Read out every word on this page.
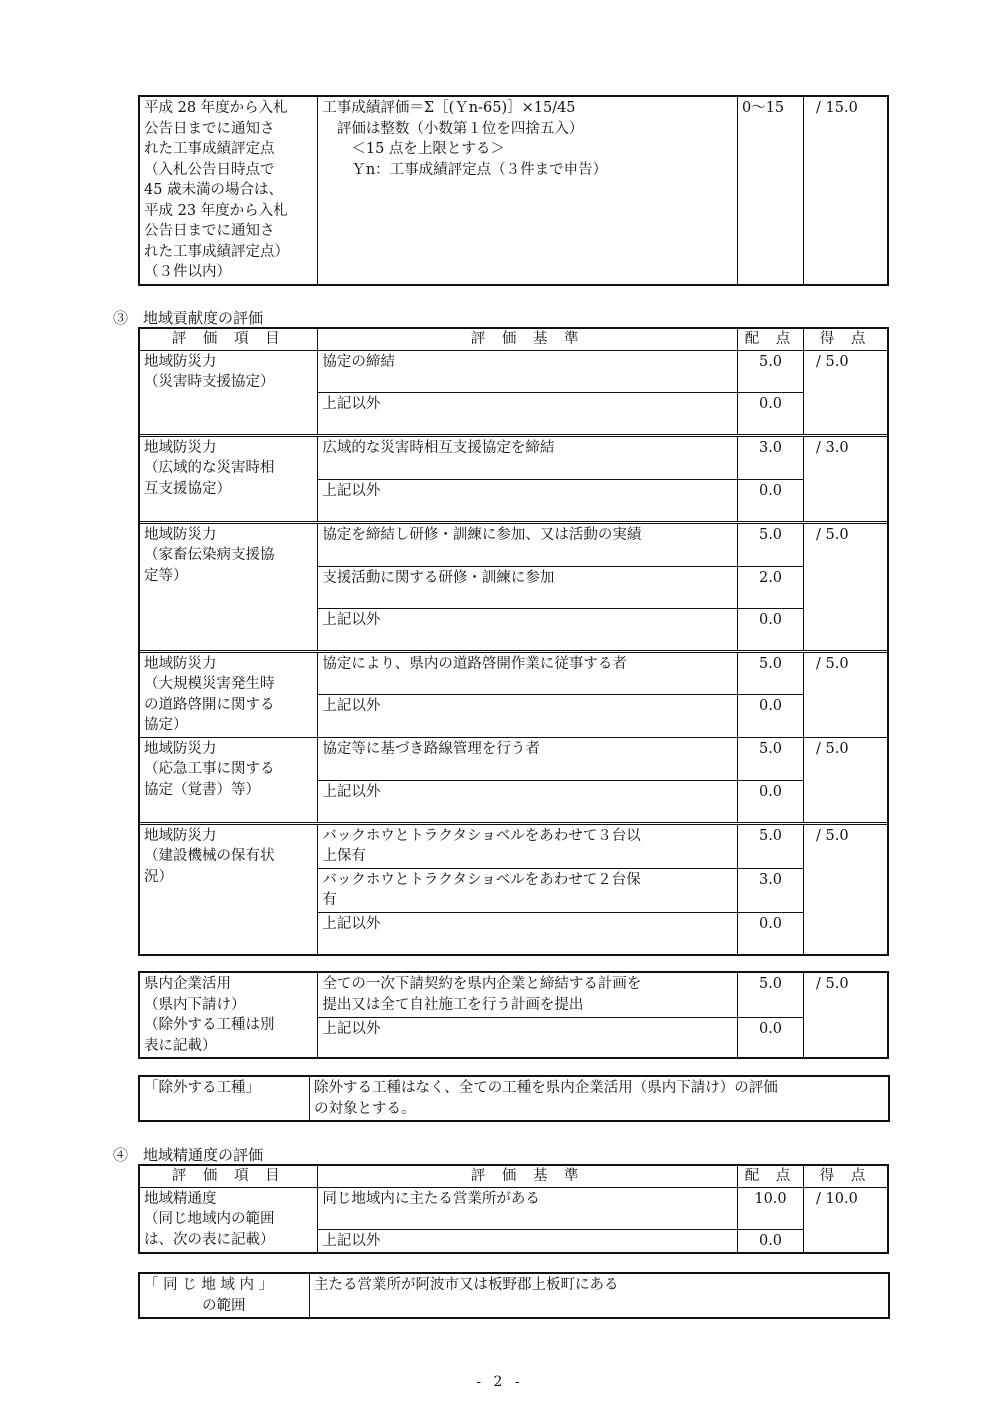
平成 28 年度から入札
公告日までに通知さ
れた工事成績評定点
（入札公告日時点で
45 歳未満の場合は、
平成 23 年度から入札
公告日までに通知さ
れた工事成績評定点）
（３件以内）	工事成績評価＝Σ［(Ｙn-65)］×15/45
　評価は整数（小数第１位を四捨五入）
　　＜15 点を上限とする＞
　　Ｙn：工事成績評定点（３件まで申告）	0～15	/ 15.0
③　地域貢献度の評価
評 価 項 目	評 価 基 準	配 点	得 点
地域防災力
（災害時支援協定）	協定の締結	5.0	/ 5.0
	上記以外	0.0	

地域防災力
（広域的な災害時相
互支援協定）	広域的な災害時相互支援協定を締結	3.0	/ 3.0
	上記以外	0.0	

地域防災力
（家畜伝染病支援協
定等）	協定を締結し研修・訓練に参加、又は活動の実績	5.0	/ 5.0
	支援活動に関する研修・訓練に参加	2.0	
	上記以外	0.0	

地域防災力
（大規模災害発生時
の道路啓開に関する
協定）	協定により、県内の道路啓開作業に従事する者	5.0	/ 5.0
	上記以外	0.0	
地域防災力
（応急工事に関する
協定（覚書）等）	協定等に基づき路線管理を行う者	5.0	/ 5.0
	上記以外	0.0	

地域防災力
（建設機械の保有状
況）	バックホウとトラクタショベルをあわせて３台以
上保有	5.0	/ 5.0
	バックホウとトラクタショベルをあわせて２台保
有	3.0	
	上記以外	0.0	
県内企業活用
（県内下請け）
（除外する工種は別
表に記載）	全ての一次下請契約を県内企業と締結する計画を
提出又は全て自社施工を行う計画を提出	5.0	/ 5.0
	上記以外	0.0	
「除外する工種」	除外する工種はなく、全ての工種を県内企業活用（県内下請け）の評価
の対象とする。
④　地域精通度の評価
評 価 項 目	評 価 基 準	配 点	得 点
地域精通度
（同じ地域内の範囲
は、次の表に記載）	同じ地域内に主たる営業所がある	10.0	/ 10.0
	上記以外	0.0	
「 同 じ 地 域 内 」
　　　　の範囲	主たる営業所が阿波市又は板野郡上板町にある
- 2 -
